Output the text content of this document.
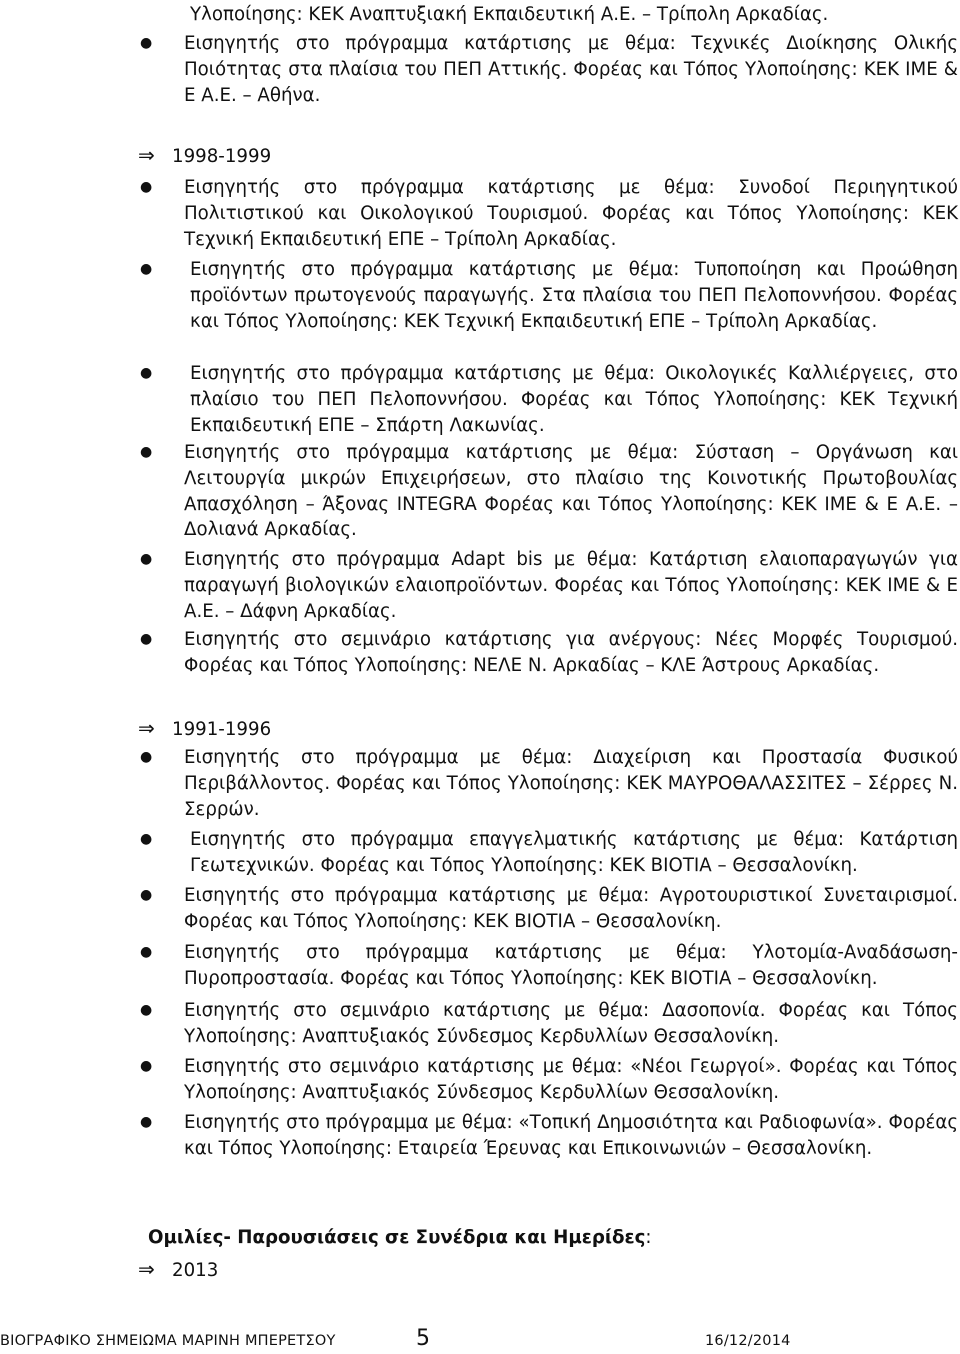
Υλοποίησης: ΚΕΚ Αναπτυξιακή Εκπαιδευτική Α.Ε. – Τρίπολη Αρκαδίας.
●	Εισηγητής στο πρόγραμμα κατάρτισης με θέμα: Τεχνικές Διοίκησης Ολικής Ποιότητας στα πλαίσια του ΠΕΠ Αττικής. Φορέας και Τόπος Υλοποίησης: ΚΕΚ ΙΜΕ & Ε Α.Ε. – Αθήνα.
⇒ 1998-1999
●	Εισηγητής στο πρόγραμμα κατάρτισης με θέμα: Συνοδοί Περιηγητικού Πολιτιστικού και Οικολογικού Τουρισμού. Φορέας και Τόπος Υλοποίησης: ΚΕΚ Τεχνική Εκπαιδευτική ΕΠΕ – Τρίπολη Αρκαδίας.
●	Εισηγητής στο πρόγραμμα κατάρτισης με θέμα: Τυποποίηση και Προώθηση προϊόντων πρωτογενούς παραγωγής. Στα πλαίσια του ΠΕΠ Πελοποννήσου. Φορέας και Τόπος Υλοποίησης: ΚΕΚ Τεχνική Εκπαιδευτική ΕΠΕ – Τρίπολη Αρκαδίας.
●	Εισηγητής στο πρόγραμμα κατάρτισης με θέμα: Οικολογικές Καλλιέργειες, στο πλαίσιο του ΠΕΠ Πελοποννήσου. Φορέας και Τόπος Υλοποίησης: ΚΕΚ Τεχνική Εκπαιδευτική ΕΠΕ – Σπάρτη Λακωνίας.
●	Εισηγητής στο πρόγραμμα κατάρτισης με θέμα: Σύσταση – Οργάνωση και Λειτουργία μικρών Επιχειρήσεων, στο πλαίσιο της Κοινοτικής Πρωτοβουλίας Απασχόληση – Άξονας INTEGRA Φορέας και Τόπος Υλοποίησης: ΚΕΚ ΙΜΕ & Ε Α.Ε. – Δολιανά Αρκαδίας.
●	Εισηγητής στο πρόγραμμα Adapt bis με θέμα: Κατάρτιση ελαιοπαραγωγών για παραγωγή βιολογικών ελαιοπροϊόντων. Φορέας και Τόπος Υλοποίησης: ΚΕΚ ΙΜΕ & Ε Α.Ε. – Δάφνη Αρκαδίας.
●	Εισηγητής στο σεμινάριο κατάρτισης για ανέργους: Νέες Μορφές Τουρισμού. Φορέας και Τόπος Υλοποίησης: ΝΕΛΕ Ν. Αρκαδίας – ΚΛΕ Άστρους Αρκαδίας.
⇒ 1991-1996
●	Εισηγητής στο πρόγραμμα με θέμα: Διαχείριση και Προστασία Φυσικού Περιβάλλοντος. Φορέας και Τόπος Υλοποίησης: ΚΕΚ ΜΑΥΡΟΘΑΛΑΣΣΙΤΕΣ – Σέρρες Ν. Σερρών.
●	Εισηγητής στο πρόγραμμα επαγγελματικής κατάρτισης με θέμα: Κατάρτιση Γεωτεχνικών. Φορέας και Τόπος Υλοποίησης: ΚΕΚ ΒΙΟΤΙΑ – Θεσσαλονίκη.
●	Εισηγητής στο πρόγραμμα κατάρτισης με θέμα: Αγροτουριστικοί Συνεταιρισμοί. Φορέας και Τόπος Υλοποίησης: ΚΕΚ ΒΙΟΤΙΑ – Θεσσαλονίκη.
●	Εισηγητής στο πρόγραμμα κατάρτισης με θέμα: Υλοτομία-Αναδάσωση-Πυροπροστασία. Φορέας και Τόπος Υλοποίησης: ΚΕΚ ΒΙΟΤΙΑ – Θεσσαλονίκη.
●	Εισηγητής στο σεμινάριο κατάρτισης με θέμα: Δασοπονία. Φορέας και Τόπος Υλοποίησης: Αναπτυξιακός Σύνδεσμος Κερδυλλίων Θεσσαλονίκη.
●	Εισηγητής στο σεμινάριο κατάρτισης με θέμα: «Νέοι Γεωργοί». Φορέας και Τόπος Υλοποίησης: Αναπτυξιακός Σύνδεσμος Κερδυλλίων Θεσσαλονίκη.
●	Εισηγητής στο πρόγραμμα με θέμα: «Τοπική Δημοσιότητα και Ραδιοφωνία». Φορέας και Τόπος Υλοποίησης: Εταιρεία Έρευνας και Επικοινωνιών – Θεσσαλονίκη.
Ομιλίες- Παρουσιάσεις σε Συνέδρια και Ημερίδες:
⇒ 2013
ΒΙΟΓΡΑΦΙΚΟ ΣΗΜΕΙΩΜΑ ΜΑΡΙΝΗ ΜΠΕΡΕΤΣΟΥ	5	16/12/2014
